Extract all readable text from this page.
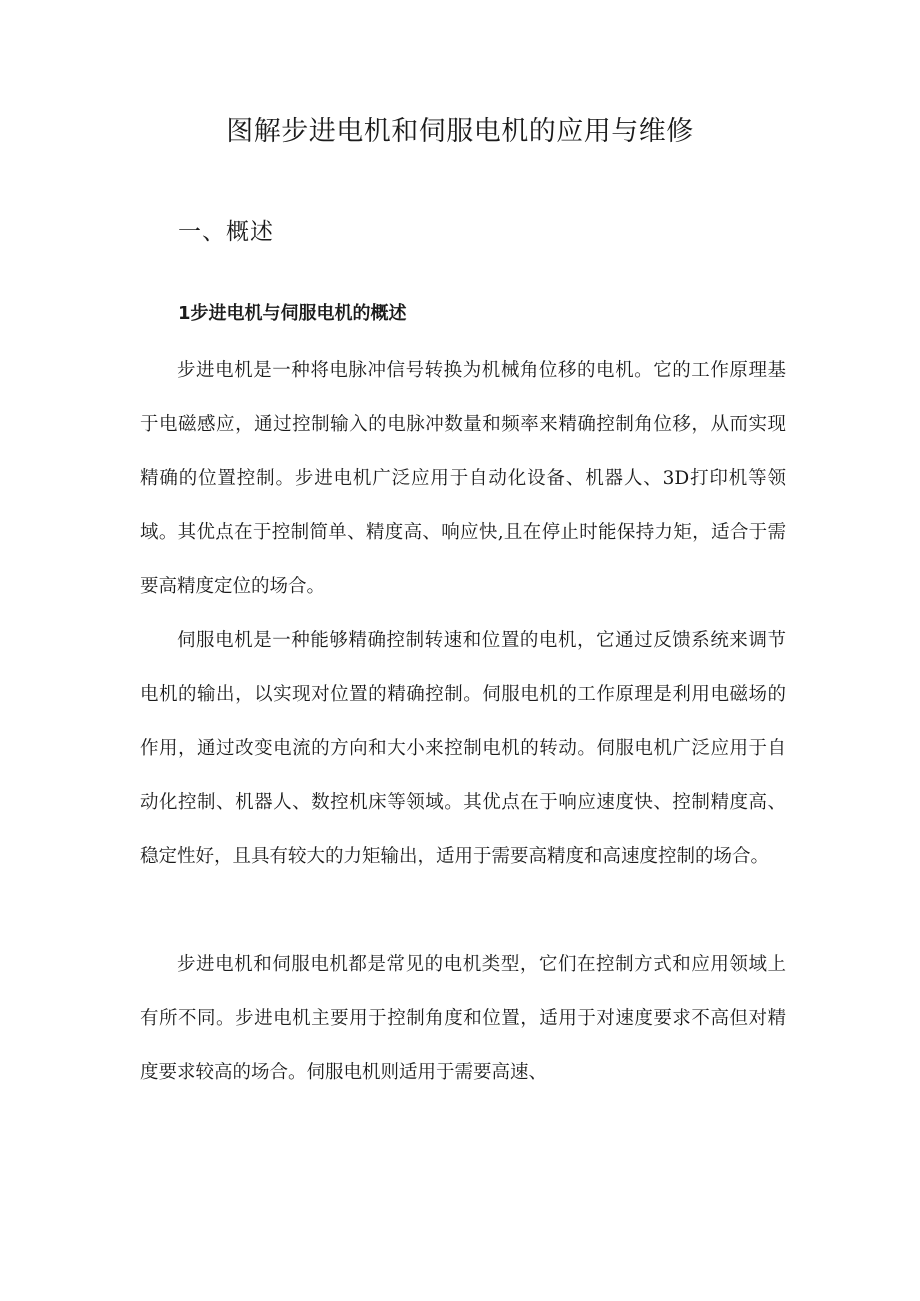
图解步进电机和伺服电机的应用与维修
一、概述
1步进电机与伺服电机的概述

步进电机是一种将电脉冲信号转换为机械角位移的电机。它的工作原理基于电磁感应，通过控制输入的电脉冲数量和频率来精确控制角位移，从而实现精确的位置控制。步进电机广泛应用于自动化设备、机器人、3D打印机等领域。其优点在于控制简单、精度高、响应快,且在停止时能保持力矩，适合于需要高精度定位的场合。

伺服电机是一种能够精确控制转速和位置的电机，它通过反馈系统来调节电机的输出，以实现对位置的精确控制。伺服电机的工作原理是利用电磁场的作用，通过改变电流的方向和大小来控制电机的转动。伺服电机广泛应用于自动化控制、机器人、数控机床等领域。其优点在于响应速度快、控制精度高、稳定性好，且具有较大的力矩输出，适用于需要高精度和高速度控制的场合。

步进电机和伺服电机都是常见的电机类型，它们在控制方式和应用领域上有所不同。步进电机主要用于控制角度和位置，适用于对速度要求不高但对精度要求较高的场合。伺服电机则适用于需要高速、
